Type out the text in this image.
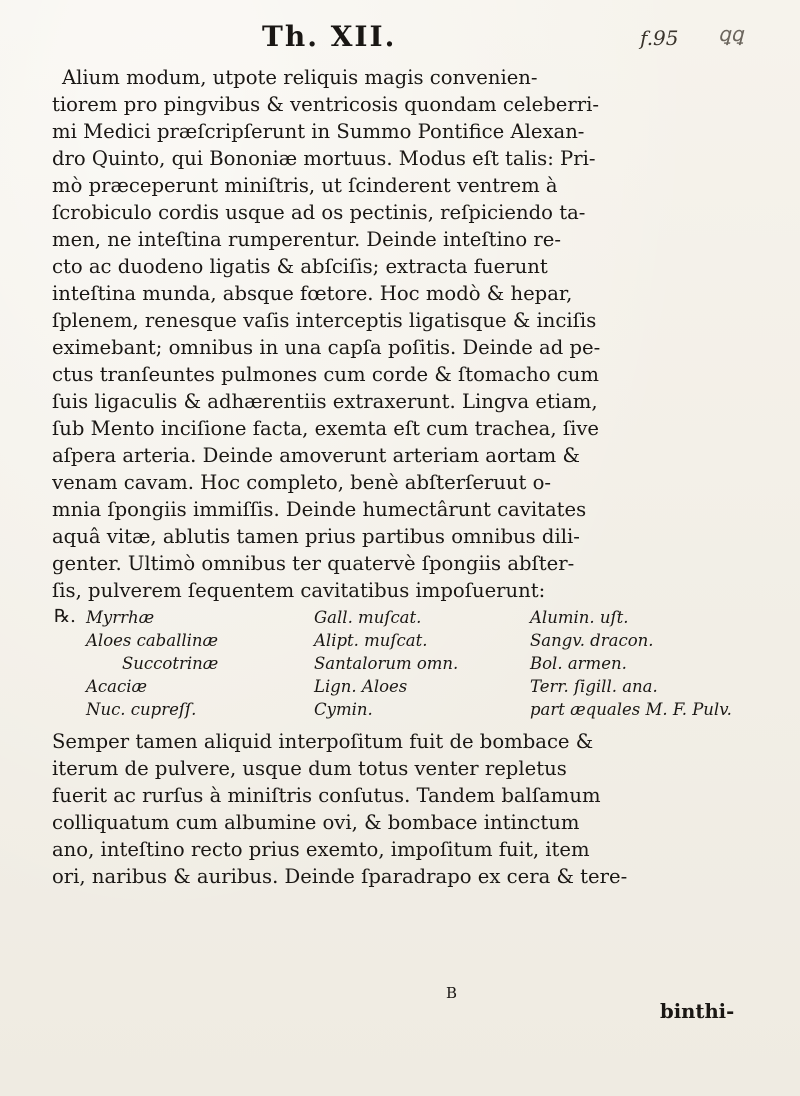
Th. XII.	f.95 ꝗꝗ
Alium modum, utpote reliquis magis convenien-
tiorem pro pingvibus & ventricosis quondam celeberri-
mi Medici præſcripſerunt in Summo Pontifice Alexan-
dro Quinto, qui Bononiæ mortuus. Modus eſt talis: Pri-
mò præceperunt miniſtris, ut ſcinderent ventrem à
ſcrobiculo cordis usque ad os pectinis, reſpiciendo ta-
men, ne inteſtina rumperentur. Deinde inteſtino re-
cto ac duodeno ligatis & abſciſis; extracta fuerunt
inteſtina munda, absque fœtore. Hoc modò & hepar,
ſplenem, renesque vaſis interceptis ligatisque & inciſis
eximebant; omnibus in una capſa poſitis. Deinde ad pe-
ctus tranſeuntes pulmones cum corde & ſtomacho cum
ſuis ligaculis & adhærentiis extraxerunt. Lingva etiam,
ſub Mento inciſione facta, exemta eſt cum trachea, ſive
aſpera arteria. Deinde amoverunt arteriam aortam &
venam cavam. Hoc completo, benè abſterſeruut o-
mnia ſpongiis immiſſis. Deinde humectârunt cavitates
aquâ vitæ, ablutis tamen prius partibus omnibus dili-
genter. Ultimò omnibus ter quatervè ſpongiis abſter-
ſis, pulverem ſequentem cavitatibus impoſuerunt:
℞. Myrrhæ
Aloes caballinæ
Succotrinæ
Acaciæ
Nuc. cupreſſ.
Gall. muſcat.
Alipt. muſcat.
Santalorum omn.
Lign. Aloes
Cymin.
Alumin. uſt.
Sangv. dracon.
Bol. armen.
Terr. ſigill. ana.
part æquales M. F. Pulv.
Semper tamen aliquid interpoſitum fuit de bombace &
iterum de pulvere, usque dum totus venter repletus
fuerit ac rurſus à miniſtris conſutus. Tandem balſamum
colliquatum cum albumine ovi, & bombace intinctum
ano, inteſtino recto prius exemto, impoſitum fuit, item
ori, naribus & auribus. Deinde ſparadrapo ex cera & tere-
B
binthi-
